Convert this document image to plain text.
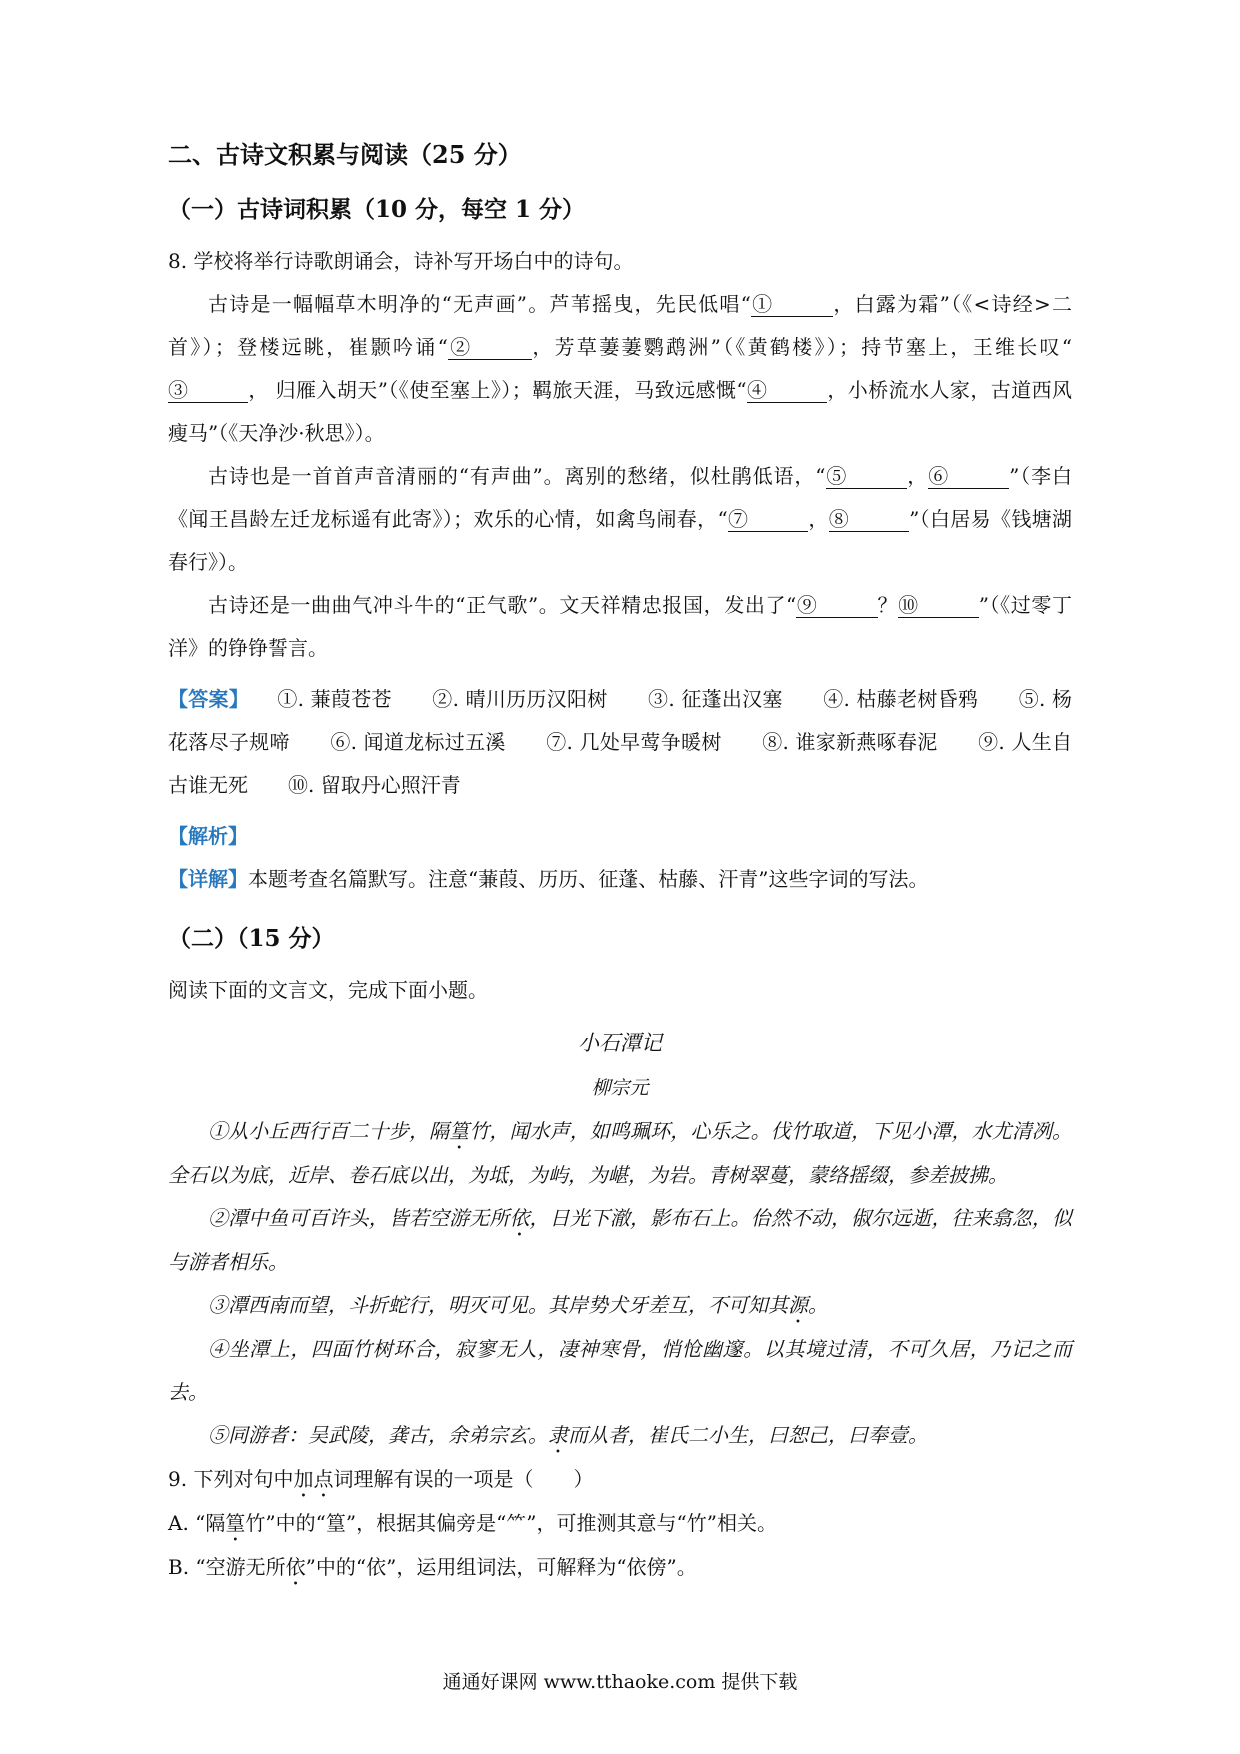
二、古诗文积累与阅读（25 分）
（一）古诗词积累（10 分，每空 1 分）

8. 学校将举行诗歌朗诵会，诗补写开场白中的诗句。

古诗是一幅幅草木明净的“无声画”。芦苇摇曳，先民低唱“①	，白露为霜”（《<诗经>二首》）；登楼远眺，崔颢吟诵“②	，芳草萋萋鹦鹉洲”（《黄鹤楼》）；持节塞上，王维长叹“ ③	， 归雁入胡天”（《使至塞上》）；羁旅天涯，马致远感慨“④	，小桥流水人家，古道西风瘦马”（《天净沙·秋思》）。

古诗也是一首首声音清丽的“有声曲”。离别的愁绪，似杜鹃低语，“⑤	，⑥	”（李白《闻王昌龄左迁龙标遥有此寄》）；欢乐的心情，如禽鸟闹春，“⑦	，⑧	”（白居易《钱塘湖春行》）。

古诗还是一曲曲气冲斗牛的“正气歌”。文天祥精忠报国，发出了“⑨	？⑩	”（《过零丁洋》的铮铮誓言。

【答案】 ①. 蒹葭苍苍　　②. 晴川历历汉阳树　　③. 征蓬出汉塞　　④. 枯藤老树昏鸦　　⑤. 杨花落尽子规啼　　⑥. 闻道龙标过五溪　　⑦. 几处早莺争暖树　　⑧. 谁家新燕啄春泥　　⑨. 人生自古谁无死　　⑩. 留取丹心照汗青

【解析】

【详解】本题考查名篇默写。注意“蒹葭、历历、征蓬、枯藤、汗青”这些字词的写法。

（二）（15 分）

阅读下面的文言文，完成下面小题。

小石潭记

柳宗元

①从小丘西行百二十步，隔篁竹，闻水声，如鸣珮环，心乐之。伐竹取道，下见小潭，水尤清冽。全石以为底，近岸、卷石底以出，为坻，为屿，为嵁，为岩。青树翠蔓，蒙络摇缀，参差披拂。

②潭中鱼可百许头，皆若空游无所依，日光下澈，影布石上。佁然不动，俶尔远逝，往来翕忽，似与游者相乐。

③潭西南而望，斗折蛇行，明灭可见。其岸势犬牙差互，不可知其源。

④坐潭上，四面竹树环合，寂寥无人，凄神寒骨，悄怆幽邃。以其境过清，不可久居，乃记之而去。

⑤同游者：吴武陵，龚古，余弟宗玄。隶而从者，崔氏二小生，曰恕己，曰奉壹。

9. 下列对句中加点词理解有误的一项是（　　）

A. “隔篁竹”中的“篁”，根据其偏旁是“⺮”，可推测其意与“竹”相关。

B. “空游无所依”中的“依”，运用组词法，可解释为“依傍”。

通通好课网 www.tthaoke.com 提供下载
